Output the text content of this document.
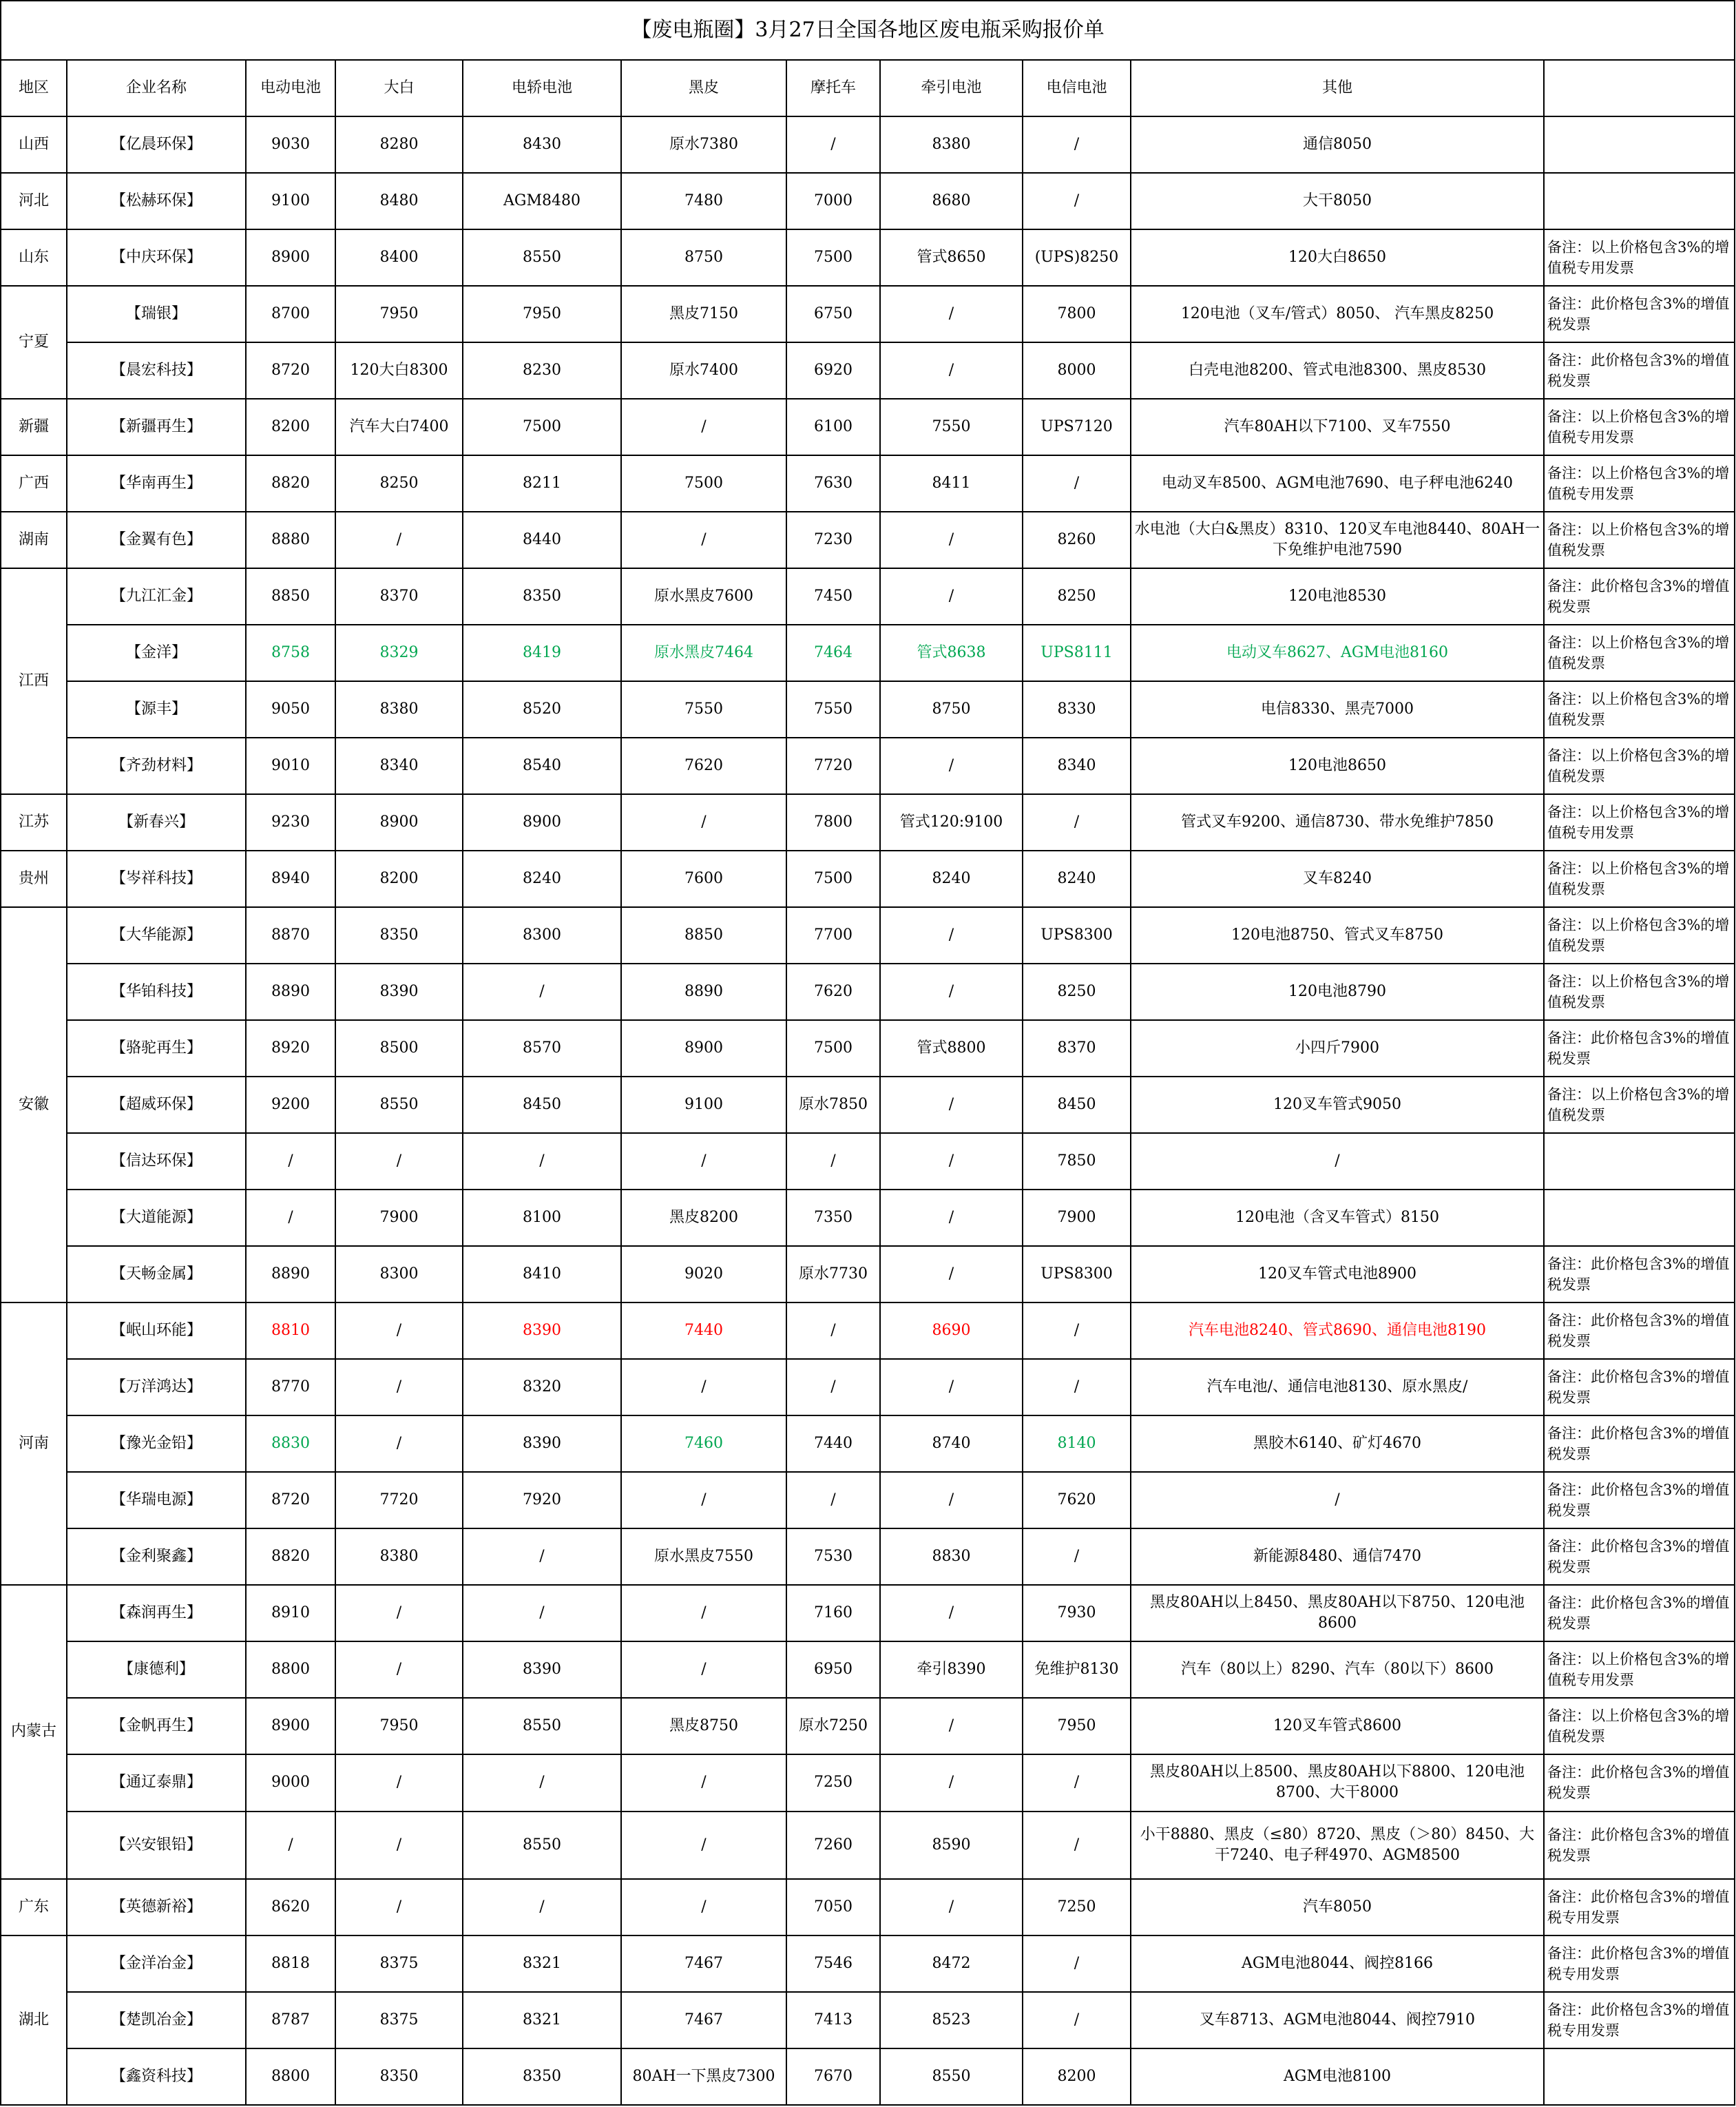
【废电瓶圈】3月27日全国各地区废电瓶采购报价单										
地区	企业名称	电动电池	大白	电轿电池	黑皮	摩托车	牵引电池	电信电池	其他	
山西	【亿晨环保】	9030	8280	8430	原水7380	/	8380	/	通信8050	
河北	【松赫环保】	9100	8480	AGM8480	7480	7000	8680	/	大干8050	
山东	【中庆环保】	8900	8400	8550	8750	7500	管式8650	(UPS)8250	120大白8650	备注：以上价格包含3%的增值税专用发票
宁夏	【瑞银】	8700	7950	7950	黑皮7150	6750	/	7800	120电池（叉车/管式）8050、 汽车黑皮8250	备注：此价格包含3%的增值税发票
	【晨宏科技】	8720	120大白8300	8230	原水7400	6920	/	8000	白壳电池8200、管式电池8300、黑皮8530	备注：此价格包含3%的增值税发票
新疆	【新疆再生】	8200	汽车大白7400	7500	/	6100	7550	UPS7120	汽车80AH以下7100、叉车7550	备注：以上价格包含3%的增值税专用发票
广西	【华南再生】	8820	8250	8211	7500	7630	8411	/	电动叉车8500、AGM电池7690、电子秤电池6240	备注：以上价格包含3%的增值税专用发票
湖南	【金翼有色】	8880	/	8440	/	7230	/	8260	水电池（大白&黑皮）8310、120叉车电池8440、80AH一下免维护电池7590	备注：以上价格包含3%的增值税发票
江西	【九江汇金】	8850	8370	8350	原水黑皮7600	7450	/	8250	120电池8530	备注：此价格包含3%的增值税发票
	【金洋】	8758	8329	8419	原水黑皮7464	7464	管式8638	UPS8111	电动叉车8627、AGM电池8160	备注：以上价格包含3%的增值税发票
	【源丰】	9050	8380	8520	7550	7550	8750	8330	电信8330、黑壳7000	备注：以上价格包含3%的增值税发票
	【齐劲材料】	9010	8340	8540	7620	7720	/	8340	120电池8650	备注：以上价格包含3%的增值税发票
江苏	【新春兴】	9230	8900	8900	/	7800	管式120:9100	/	管式叉车9200、通信8730、带水免维护7850	备注：以上价格包含3%的增值税专用发票
贵州	【岑祥科技】	8940	8200	8240	7600	7500	8240	8240	叉车8240	备注：以上价格包含3%的增值税发票
安徽	【大华能源】	8870	8350	8300	8850	7700	/	UPS8300	120电池8750、管式叉车8750	备注：以上价格包含3%的增值税发票
	【华铂科技】	8890	8390	/	8890	7620	/	8250	120电池8790	备注：以上价格包含3%的增值税发票
	【骆驼再生】	8920	8500	8570	8900	7500	管式8800	8370	小四斤7900	备注：此价格包含3%的增值税发票
	【超威环保】	9200	8550	8450	9100	原水7850	/	8450	120叉车管式9050	备注：以上价格包含3%的增值税发票
	【信达环保】	/	/	/	/	/	/	7850	/	
	【大道能源】	/	7900	8100	黑皮8200	7350	/	7900	120电池（含叉车管式）8150	
	【天畅金属】	8890	8300	8410	9020	原水7730	/	UPS8300	120叉车管式电池8900	备注：此价格包含3%的增值税发票
河南	【岷山环能】	8810	/	8390	7440	/	8690	/	汽车电池8240、管式8690、通信电池8190	备注：此价格包含3%的增值税发票
	【万洋鸿达】	8770	/	8320	/	/	/	/	汽车电池/、通信电池8130、原水黑皮/	备注：此价格包含3%的增值税发票
	【豫光金铅】	8830	/	8390	7460	7440	8740	8140	黑胶木6140、矿灯4670	备注：此价格包含3%的增值税发票
	【华瑞电源】	8720	7720	7920	/	/	/	7620	/	备注：此价格包含3%的增值税发票
	【金利聚鑫】	8820	8380	/	原水黑皮7550	7530	8830	/	新能源8480、通信7470	备注：此价格包含3%的增值税发票
内蒙古	【森润再生】	8910	/	/	/	7160	/	7930	黑皮80AH以上8450、黑皮80AH以下8750、120电池8600	备注：此价格包含3%的增值税发票
	【康德利】	8800	/	8390	/	6950	牵引8390	免维护8130	汽车（80以上）8290、汽车（80以下）8600	备注：以上价格包含3%的增值税专用发票
	【金帆再生】	8900	7950	8550	黑皮8750	原水7250	/	7950	120叉车管式8600	备注：以上价格包含3%的增值税发票
	【通辽泰鼎】	9000	/	/	/	7250	/	/	黑皮80AH以上8500、黑皮80AH以下8800、120电池8700、大干8000	备注：此价格包含3%的增值税发票
	【兴安银铅】	/	/	8550	/	7260	8590	/	小干8880、黑皮（≤80）8720、黑皮（＞80）8450、大干7240、电子秤4970、AGM8500	备注：此价格包含3%的增值税发票
广东	【英德新裕】	8620	/	/	/	7050	/	7250	汽车8050	备注：此价格包含3%的增值税专用发票
湖北	【金洋冶金】	8818	8375	8321	7467	7546	8472	/	AGM电池8044、阀控8166	备注：此价格包含3%的增值税专用发票
	【楚凯冶金】	8787	8375	8321	7467	7413	8523	/	叉车8713、AGM电池8044、阀控7910	备注：此价格包含3%的增值税专用发票
	【鑫资科技】	8800	8350	8350	80AH一下黑皮7300	7670	8550	8200	AGM电池8100	
